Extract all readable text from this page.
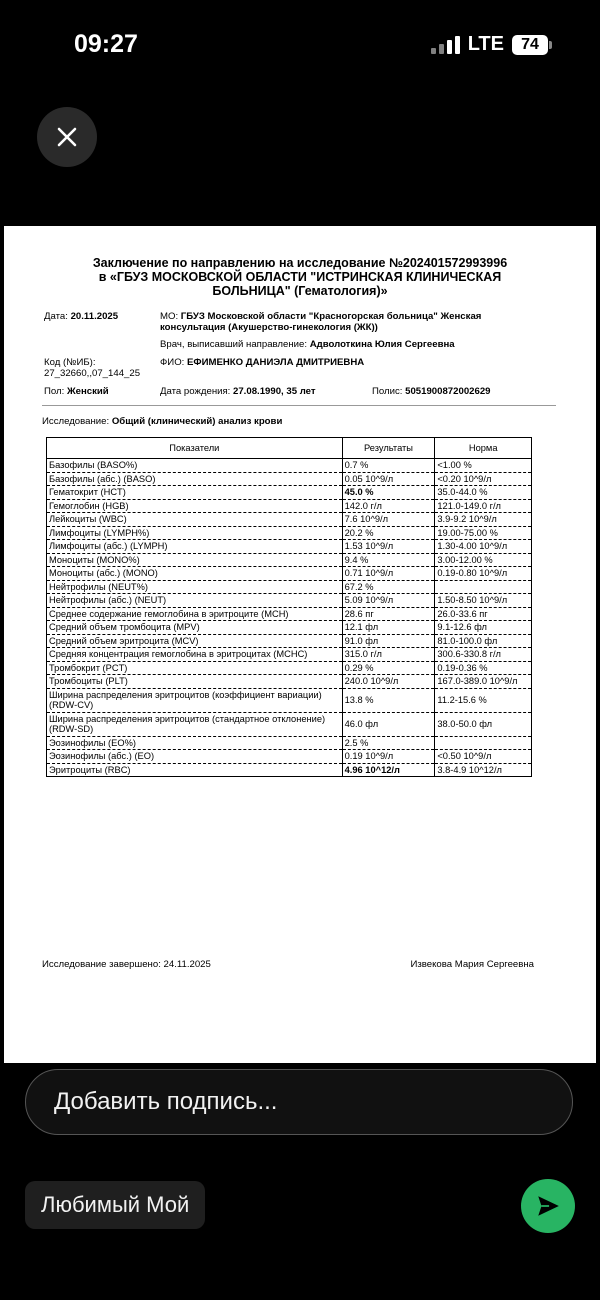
09:27	LTE	74
Заключение по направлению на исследование №202401572993996
в «ГБУЗ МОСКОВСКОЙ ОБЛАСТИ "ИСТРИНСКАЯ КЛИНИЧЕСКАЯ
БОЛЬНИЦА" (Гематология)»
Дата: 20.11.2025	МО: ГБУЗ Московской области "Красногорская больница" Женская
консультация (Акушерство-гинекология (ЖК))
Врач, выписавший направление: Адволоткина Юлия Сергеевна
Код (№ИБ):
27_32660,,07_144_25
ФИО: ЕФИМЕНКО ДАНИЭЛА ДМИТРИЕВНА
Пол: Женский	Дата рождения: 27.08.1990, 35 лет	Полис: 5051900872002629
Исследование: Общий (клинический) анализ крови
Показатели	Результаты	Норма
Базофилы (BASO%)	0.7 %	<1.00 %
Базофилы (абс.) (BASO)	0.05 10^9/л	<0.20 10^9/л
Гематокрит (HCT)	45.0 %	35.0-44.0 %
Гемоглобин (HGB)	142.0 г/л	121.0-149.0 г/л
Лейкоциты (WBC)	7.6 10^9/л	3.9-9.2 10^9/л
Лимфоциты (LYMPH%)	20.2 %	19.00-75.00 %
Лимфоциты (абс.) (LYMPH)	1.53 10^9/л	1.30-4.00 10^9/л
Моноциты (MONO%)	9.4 %	3.00-12.00 %
Моноциты (абс.) (MONO)	0.71 10^9/л	0.19-0.80 10^9/л
Нейтрофилы (NEUT%)	67.2 %	
Нейтрофилы (абс.) (NEUT)	5.09 10^9/л	1.50-8.50 10^9/л
Среднее содержание гемоглобина в эритроците (MCH)	28.6 пг	26.0-33.6 пг
Средний объем тромбоцита (MPV)	12.1 фл	9.1-12.6 фл
Средний объем эритроцита (MCV)	91.0 фл	81.0-100.0 фл
Средняя концентрация гемоглобина в эритроцитах (MCHC)	315.0 г/л	300.6-330.8 г/л
Тромбокрит (PCT)	0.29 %	0.19-0.36 %
Тромбоциты (PLT)	240.0 10^9/л	167.0-389.0 10^9/л
Ширина распределения эритроцитов (коэффициент вариации) (RDW-CV)	13.8 %	11.2-15.6 %
Ширина распределения эритроцитов (стандартное отклонение) (RDW-SD)	46.0 фл	38.0-50.0 фл
Эозинофилы (EO%)	2.5 %	
Эозинофилы (абс.) (EO)	0.19 10^9/л	<0.50 10^9/л
Эритроциты (RBC)	4.96 10^12/л	3.8-4.9 10^12/л
Исследование завершено: 24.11.2025	Извекова Мария Сергеевна
Добавить подпись...
Любимый Мой
